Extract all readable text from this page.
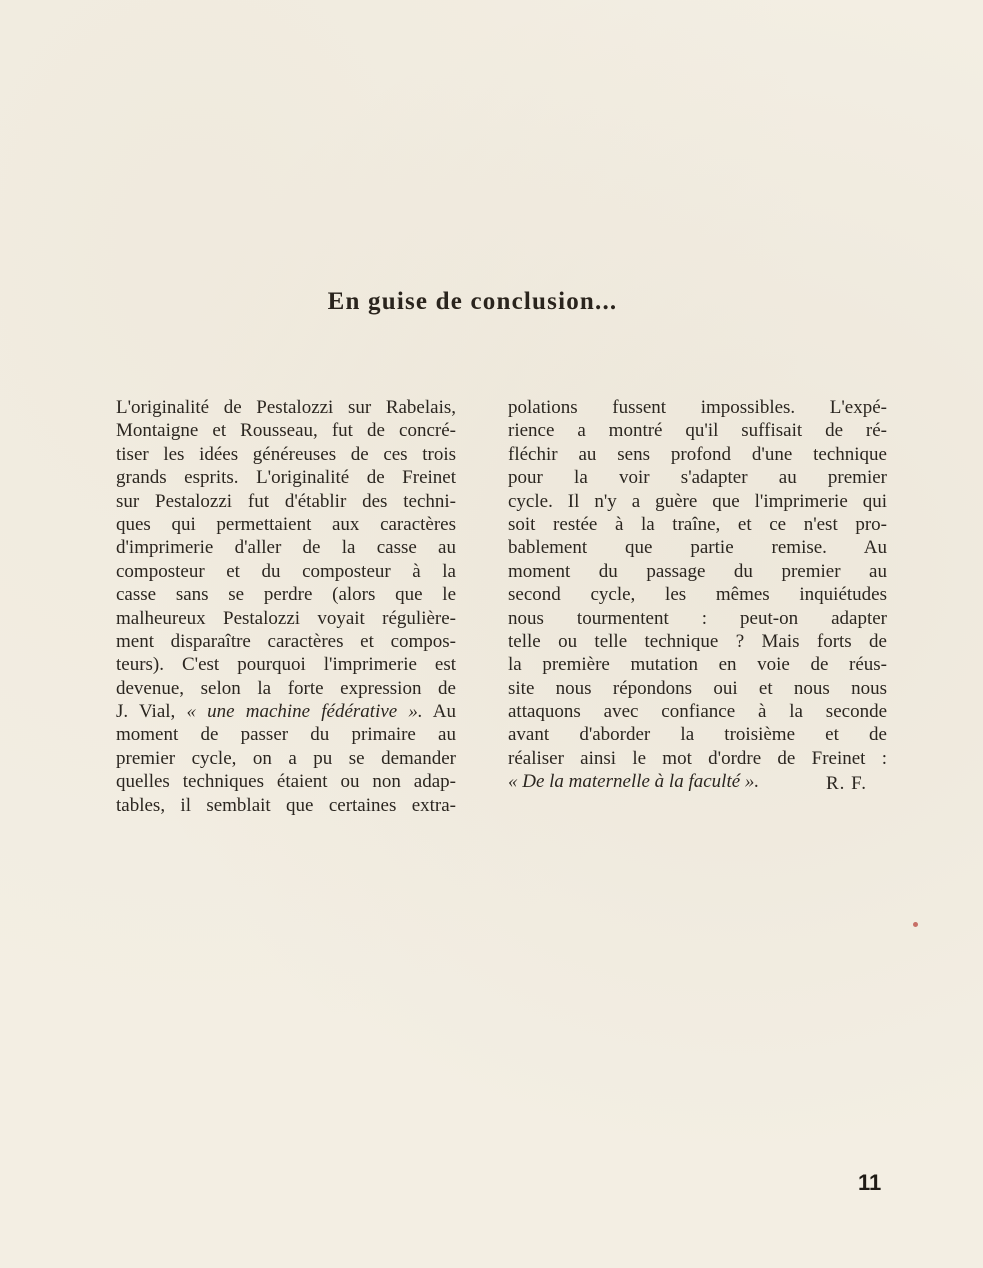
En guise de conclusion...
L'originalité de Pestalozzi sur Rabelais,
Montaigne et Rousseau, fut de concré-
tiser les idées généreuses de ces trois
grands esprits. L'originalité de Freinet
sur Pestalozzi fut d'établir des techni-
ques qui permettaient aux caractères
d'imprimerie d'aller de la casse au
composteur et du composteur à la
casse sans se perdre (alors que le
malheureux Pestalozzi voyait régulière-
ment disparaître caractères et compos-
teurs). C'est pourquoi l'imprimerie est
devenue, selon la forte expression de
J. Vial, « une machine fédérative ». Au
moment de passer du primaire au
premier cycle, on a pu se demander
quelles techniques étaient ou non adap-
tables, il semblait que certaines extra-
polations fussent impossibles. L'expé-
rience a montré qu'il suffisait de ré-
fléchir au sens profond d'une technique
pour la voir s'adapter au premier
cycle. Il n'y a guère que l'imprimerie qui
soit restée à la traîne, et ce n'est pro-
bablement que partie remise. Au
moment du passage du premier au
second cycle, les mêmes inquiétudes
nous tourmentent : peut-on adapter
telle ou telle technique ? Mais forts de
la première mutation en voie de réus-
site nous répondons oui et nous nous
attaquons avec confiance à la seconde
avant d'aborder la troisième et de
réaliser ainsi le mot d'ordre de Freinet :
« De la maternelle à la faculté ».	R. F.
11
